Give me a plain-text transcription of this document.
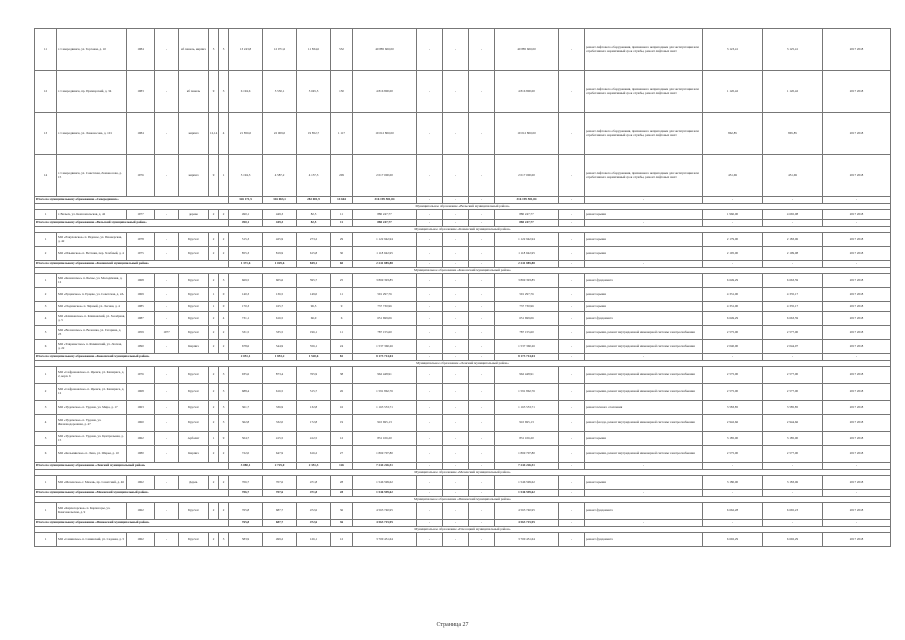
11	г. Северодвинск, ул. Торговая, д. 10	1984	-	кб панель, кирпич	5	5	13 243,8	12 071,6	11 834,6	532	40 885 600,00	-	-	-	40 885 600,00	-	ремонт лифтового оборудования, признанного непригодным для эксплуатации или отработавшего нормативный срок службы, ремонт лифтовых шахт	3 123,41	3 125,41	2017 2018
12	г. Северодвинск, пр. Приморский, д. 34	1983	-	кб панель	9	3	6 194,6	5 550,1	5 045,5	150	4 816 800,00	-	-	-	4 816 800,00	-	ремонт лифтового оборудования, признанного непригодным для эксплуатации или отработавшего нормативный срок службы, ремонт лифтовых шахт	1 120,42	1 120,42	2017 2018
13	г. Северодвинск, ул. Ломоносова, д. 101	1984	-	кирпич	12,14	4	21 856,0	22 009,0	19 852,7	1 117	19 012 800,00	-	-	-	19 012 800,00	-	ремонт лифтового оборудования, признанного непригодным для эксплуатации или отработавшего нормативный срок службы, ремонт лифтовых шахт	862,85	865,85	2017 2018
14	г. Северодвинск, ул. Советская, Ломоносова, д. 15	1976	-	кирпич	9	1	5 194,3	4 587,2	4 157,3	209	2 017 000,00	-	-	-	2 017 000,00	-	ремонт лифтового оборудования, признанного непригодным для эксплуатации или отработавшего нормативный срок службы, ремонт лифтовых шахт	451,69	451,69	2017 2018
Итого по муниципальному образованию «Северодвинск»							326 171,5	316 063,1	282 001,9	14 664	316 199 581,84	-	-	-	316 199 581,84	-	-	-	-	-
Муниципальное образование «Вельский муниципальный район»																				
1	г. Вельск, ул. Комсомольская, д. 42	1977	-	дерево	2	2	490,1	449,3	82,5	11	880 247,77	-	-	-	880 247,77	-	ремонт крыши	1 960,00	4 665,08	2017 2018
Итого по муниципальному образованию «Вельский муниципальный район»							490,1	449,3	82,5	11	880 247,77	-	-	-	880 247,77	-	-	-	-	-
Муниципальное образование «Каменский муниципальный район»																				
1	МО «Ракуловское» п. Рядовое, ул. Пионерская, д. 42	1978	-	Брусчат	2	2	515,3	425,9	273,2	29	1 122 942,94	-	-	-	1 122 942,94	-	ремонт крыши	2 179,00	2 183,06	2017 2018
2	МО «Ильинское» п. Ветчаки, пер. Хлебный, д. 4	1975	-	Брусчат	2	2	855,3	819,9	615,8	30	1 118 942,95	-	-	-	1 118 942,95	-	ремонт крыши	2 195,00	2 199,08	2017 2018
Итого по муниципальному образованию «Каменский муниципальный район»							1 371,6	1 029,6	849,1	60	2 241 885,88	-	-	-	2 241 885,88	-	-	-	-	-
Муниципальное образование «Коношский муниципальный район»																				
1	МО «Коношское» п. Бычье, ул. Молодёжная, д. 12	1968	-	Брусчат	2	3	669,5	605,6	595,7	25	3 869 393,85	-	-	-	3 869 393,85	-	ремонт фундамента	6 649,29	6 663,59	2017 2018
2	МО «Ерцевское» п. Ерцево, ул. Советская, д. 2А	1969	-	Брусчат	1	0	140,3	136,5	149,0	11	591 297,76	-	-	-	591 297,76	-	ремонт крыши	4 331,00	4 335,17	2017 2018
3	МО «Подюжское» п. Чёрный, ул. Лесная, д. 4	1985	-	Брусчат	1	0	170,3	165,7	96,5	9	737 730,96	-	-	-	737 730,96	-	ремонт крыши	4 331,00	4 335,17	2017 2018
4	МО «Климовское» п. Климовский, ул. Заозёрная, д. 5	1987	-	Брусчат	2	4	731,1	616,5	66,0	6	651 699,06	-	-	-	651 699,06	-	ремонт фундамента	6 649,29	6 663,59	2017 2018
5	МО «Волошское» п. Волошка, ул. Гагарина, д. 23	1959	1977	Брусчат	2	2	331,5	335,5	196,1	11	787 155,60	-	-	-	787 155,60	-	ремонт крыши, ремонт внутридомовой инженерной системы электроснабжения	2 575,00	2 577,00	2017 2018
6	МО «Тавреньгское» п. Фоминский, ул. Лесная, д. 22	1990	-	Кирпич	2	2	678,6	544,9	556,1	24	1 537 360,26	-	-	-	1 537 360,26	-	ремонт крыши, ремонт внутридомовой инженерной системы электроснабжения	2 040,00	2 044,07	2017 2018
Итого по муниципальному образованию «Коношский муниципальный район»							2 051,1	1 853,2	1 520,6	82	8 173 714,04	-	-	-	8 173 714,04	-	-	-	-	-
Муниципальное образование «Ленский муниципальный район»																				
1	МО «Сафроновское» п. Яренск, ул. Кашариса, д. 2, корп. 6	1976	-	Брусчат	2	3	935,6	873,4	765,9	38	962 448,91	-	-	-	962 448,91	-	ремонт крыши, ремонт внутридомовой инженерной системы электроснабжения	2 575,00	2 577,00	2017 2018
2	МО «Сафроновское» п. Яренск, ул. Кашариса, д. 12	1968	-	Брусчат	2	3	688,4	616,5	515,7	26	1 591 862,76	-	-	-	1 591 862,76	-	ремонт крыши, ремонт внутридомовой инженерной системы электроснабжения	2 575,00	2 577,00	2017 2018
3	МО «Урдомское» п. Урдома, ул. Мира, д. 17	1963	-	Брусчат	2	3	361,7	336,9	132,8	16	1 163 553,71	-	-	-	1 163 553,71	-	ремонт печного отопления	3 583,85	3 585,85	2017 2018
4	МО «Урдомское» п. Урдома, ул. Железнодорожная, д. 47	1960	-	Брусчат	2	3	362,8	332,0	172,8	19	910 695,13	-	-	-	910 695,13	-	ремонт фасада, ремонт внутридомовой инженерной системы электроснабжения	2 942,66	2 944,66	2017 2018
5	МО «Урдомское» п. Урдома, ул. Центральная, д. 15	1962	-	Арбалит	1	9	504,7	415,5	412,5	12	831 106,20	-	-	-	831 106,20	-	ремонт крыши	3 185,00	3 185,00	2017 2018
6	МО «Козьминское» п. Лена, ул. Шарья, д. 10	1980	-	Кирпич	2	2	722,0	647,9	616,2	27	1 869 707,80	-	-	-	1 869 707,80	-	ремонт крыши, ремонт внутридомовой инженерной системы электроснабжения	2 575,00	2 577,00	2017 2018
Итого по муниципальному образованию «Ленский муниципальный район»							3 080,1	2 725,0	2 351,3	126	7 244 226,51	-	-	-	7 244 226,51	-	-	-	-	-
Муниципальное образование «Мезенский муниципальный район»																				
1	МО «Мезенское» г. Мезень, пр. Советский, д. 46	1962	-	Дерев.	2	2	706,7	707,6	471,8	28	1 546 599,62	-	-	-	1 546 599,62	-	ремонт крыши	3 180,00	3 183,06	2017 2018
Итого по муниципальному образованию «Мезенский муниципальный район»							706,7	707,6	471,8	28	1 546 599,62	-	-	-	1 546 599,62	-	-	-	-	-
Муниципальное образование «Пинежский муниципальный район»																				
1	МО «Карпогорское» п. Карпогоры, ул. Комсомольская, д. 9	1962	-	Брусчат	2	2	765,8	687,7	472,6	36	4 563 740,95	-	-	-	4 563 740,95	-	ремонт фундамента	6 662,28	6 665,23	2017 2018
Итого по муниципальному образованию «Пинежский муниципальный район»							765,8	687,7	472,6	36	4 563 715,95	-	-	-	4 563 715,95	-	-	-	-	-
Муниципальное образование «Плесецкий муниципальный район»																				
1	МО «Савинское» п. Савинский, ул. Садовая, д. 5	1962	-	Брусчат	2	3	583,9	499,2	126,1	12	3 700 451,64	-	-	-	3 700 451,64	-	ремонт фундамента	6 692,29	6 692,29	2017 2018
Страница 27
